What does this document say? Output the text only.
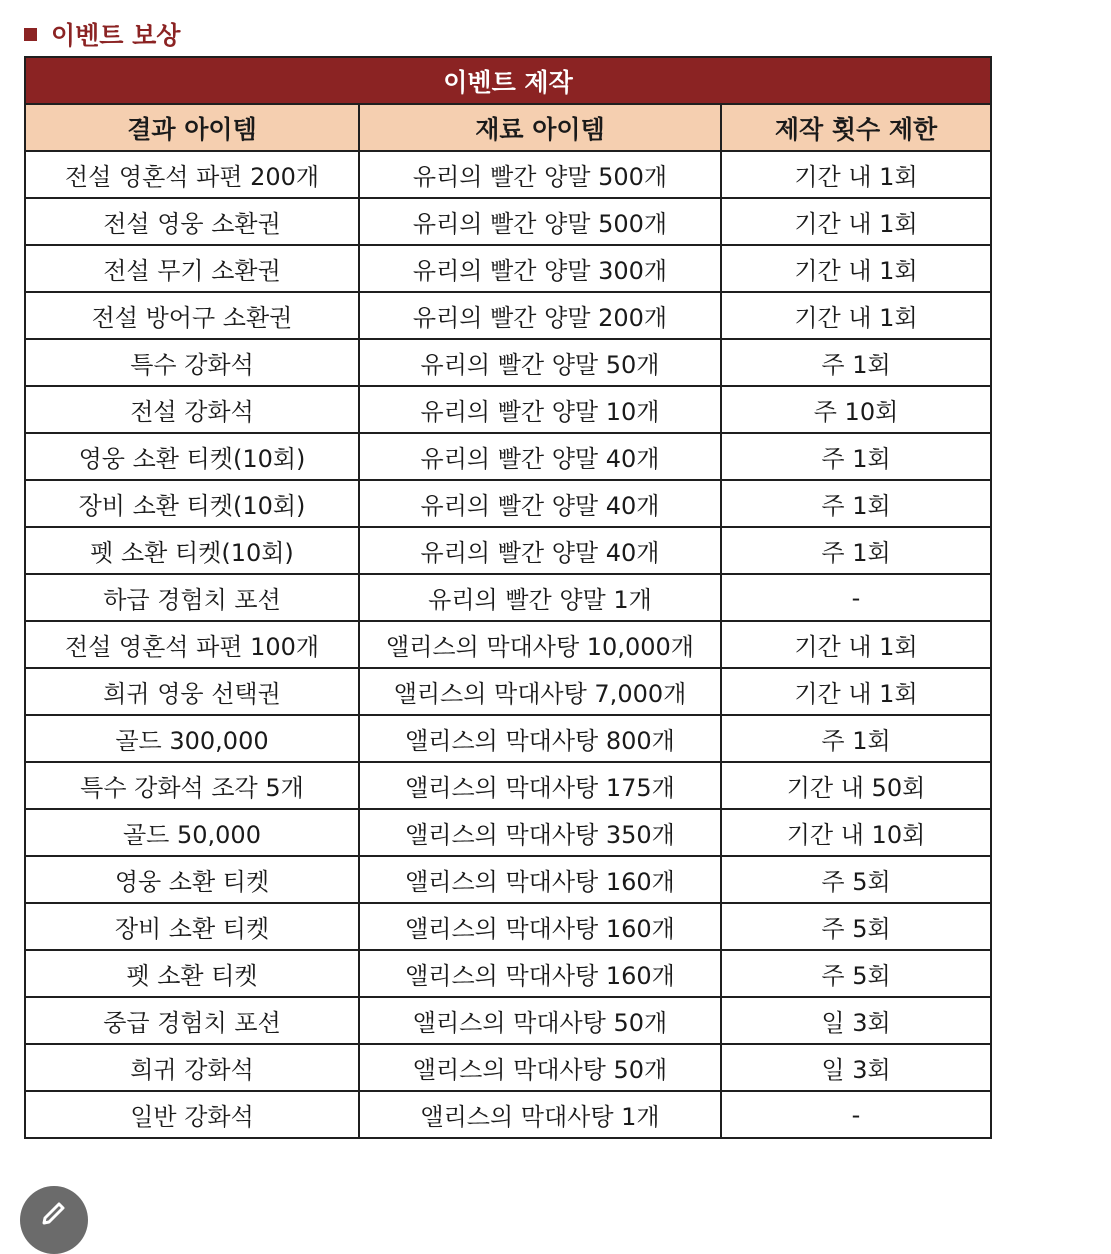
이벤트 보상
이벤트 제작		
결과 아이템	재료 아이템	제작 횟수 제한
전설 영혼석 파편 200개	유리의 빨간 양말 500개	기간 내 1회
전설 영웅 소환권	유리의 빨간 양말 500개	기간 내 1회
전설 무기 소환권	유리의 빨간 양말 300개	기간 내 1회
전설 방어구 소환권	유리의 빨간 양말 200개	기간 내 1회
특수 강화석	유리의 빨간 양말 50개	주 1회
전설 강화석	유리의 빨간 양말 10개	주 10회
영웅 소환 티켓(10회)	유리의 빨간 양말 40개	주 1회
장비 소환 티켓(10회)	유리의 빨간 양말 40개	주 1회
펫 소환 티켓(10회)	유리의 빨간 양말 40개	주 1회
하급 경험치 포션	유리의 빨간 양말 1개	-
전설 영혼석 파편 100개	앨리스의 막대사탕 10,000개	기간 내 1회
희귀 영웅 선택권	앨리스의 막대사탕 7,000개	기간 내 1회
골드 300,000	앨리스의 막대사탕 800개	주 1회
특수 강화석 조각 5개	앨리스의 막대사탕 175개	기간 내 50회
골드 50,000	앨리스의 막대사탕 350개	기간 내 10회
영웅 소환 티켓	앨리스의 막대사탕 160개	주 5회
장비 소환 티켓	앨리스의 막대사탕 160개	주 5회
펫 소환 티켓	앨리스의 막대사탕 160개	주 5회
중급 경험치 포션	앨리스의 막대사탕 50개	일 3회
희귀 강화석	앨리스의 막대사탕 50개	일 3회
일반 강화석	앨리스의 막대사탕 1개	-
